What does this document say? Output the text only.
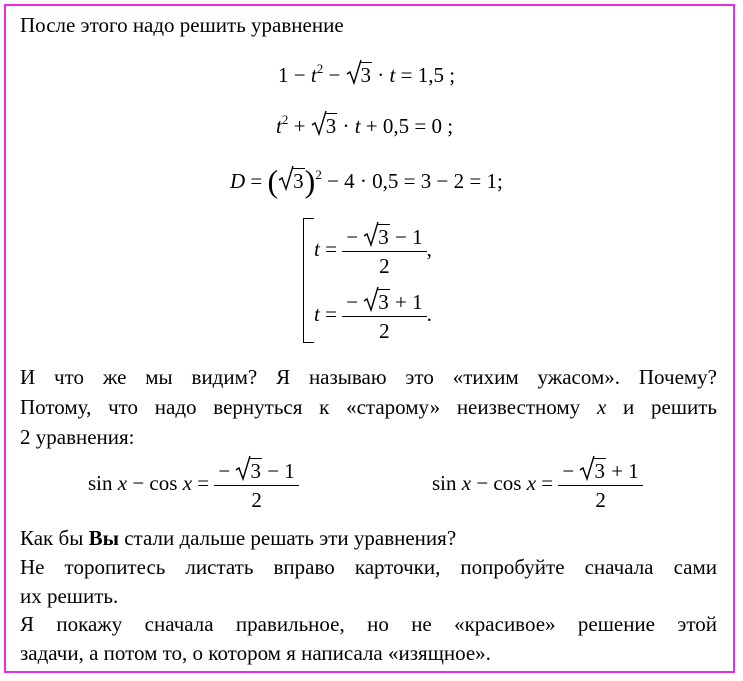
После этого надо решить уравнение
$1 - t^2$ −
3 · t = 1,5 ;
$t^2$ +
3 · t + 0,5 = 0 ;
D = ( 3)$^2$ − 4 · 0,5 = 3 − 2 = 1;
t = −
3 − 1
2 ,
t = −
3 + 1
2 .
И что же мы видим? Я называю это «тихим ужасом». Почему?
Потому, что надо вернуться к «старому» неизвестному x и решить
2 уравнения:
sin x − cos x = −
3 − 1
2	sin x − cos x = −
3 + 1
2
Как бы Вы стали дальше решать эти уравнения?
Не торопитесь листать вправо карточки, попробуйте сначала сами
их решить.
Я покажу сначала правильное, но не «красивое» решение этой
задачи, а потом то, о котором я написала «изящное».
